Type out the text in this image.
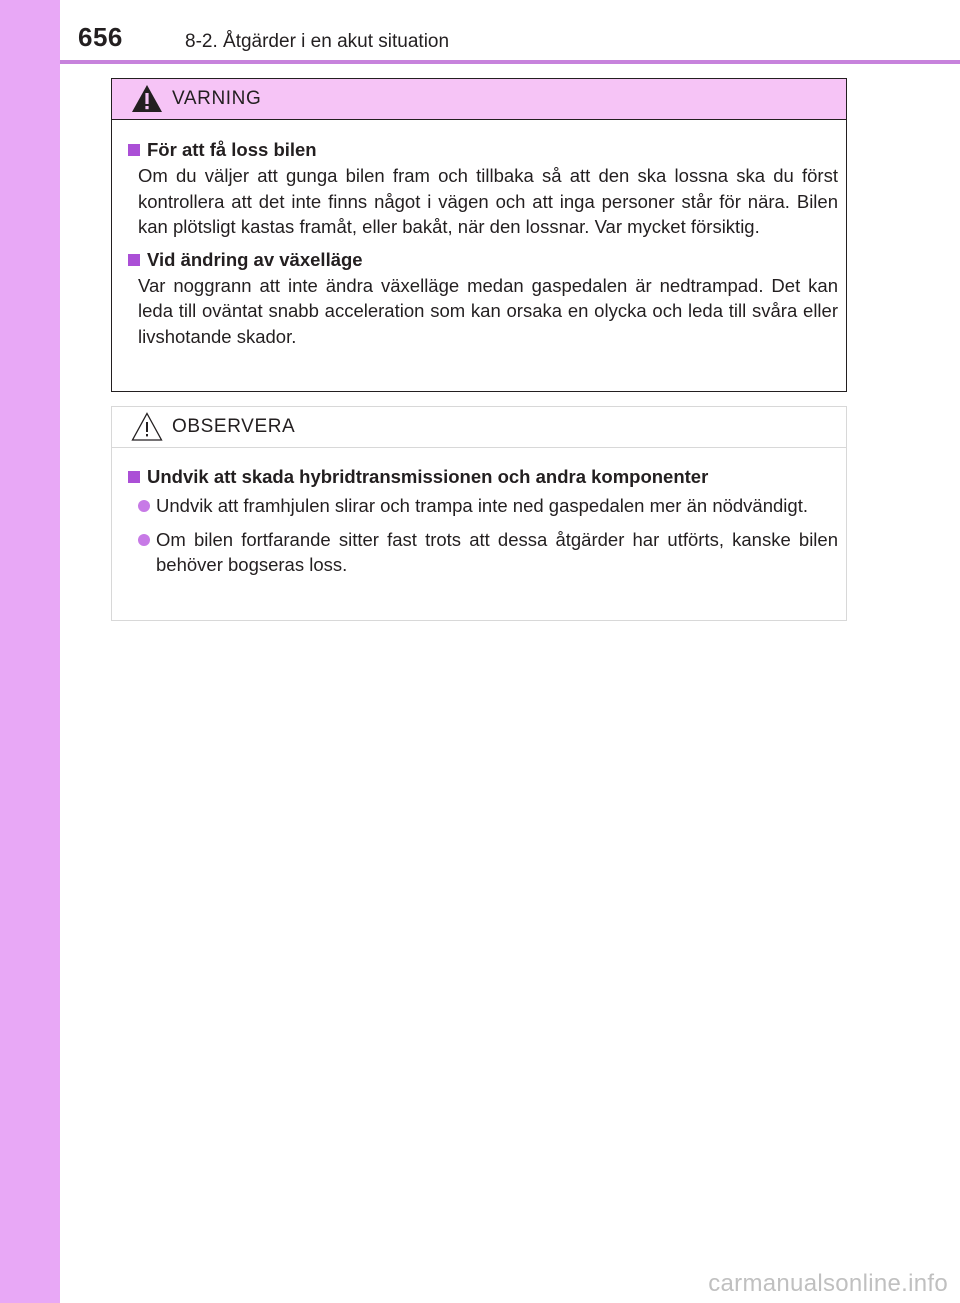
656	8-2. Åtgärder i en akut situation
VARNING
För att få loss bilen
Om du väljer att gunga bilen fram och tillbaka så att den ska lossna ska du först kontrollera att det inte finns något i vägen och att inga personer står för nära. Bilen kan plötsligt kastas framåt, eller bakåt, när den lossnar. Var mycket försiktig.
Vid ändring av växelläge
Var noggrann att inte ändra växelläge medan gaspedalen är nedtrampad. Det kan leda till oväntat snabb acceleration som kan orsaka en olycka och leda till svåra eller livshotande skador.
OBSERVERA
Undvik att skada hybridtransmissionen och andra komponenter
Undvik att framhjulen slirar och trampa inte ned gaspedalen mer än nödvändigt.
Om bilen fortfarande sitter fast trots att dessa åtgärder har utförts, kanske bilen behöver bogseras loss.
carmanualsonline.info
